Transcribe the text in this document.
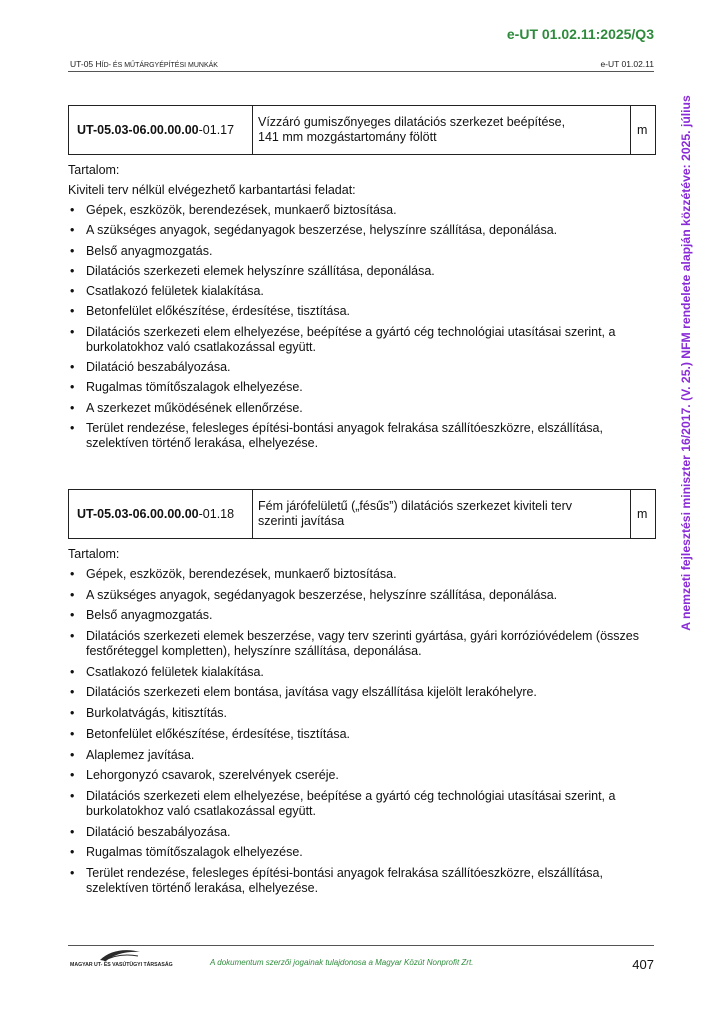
e-UT 01.02.11:2025/Q3
UT-05 HÍD- ÉS MŰTÁRGYÉPÍTÉSI MUNKÁK	e-UT 01.02.11
A nemzeti fejlesztési miniszter 16/2017. (V. 25.) NFM rendelete alapján közzétéve: 2025. július
UT-05.03-06.00.00.00 -01.17
Vízzáró gumiszőnyeges dilatációs szerkezet beépítése,
141 mm mozgástartomány fölött	m

Tartalom:

Kiviteli terv nélkül elvégezhető karbantartási feladat:

• Gépek, eszközök, berendezések, munkaerő biztosítása.
• A szükséges anyagok, segédanyagok beszerzése, helyszínre szállítása, deponálása.
• Belső anyagmozgatás.
• Dilatációs szerkezeti elemek helyszínre szállítása, deponálása.
• Csatlakozó felületek kialakítása.
• Betonfelület előkészítése, érdesítése, tisztítása.
• Dilatációs szerkezeti elem elhelyezése, beépítése a gyártó cég technológiai utasításai szerint, a burkolatokhoz való csatlakozással együtt.
• Dilatáció beszabályozása.
• Rugalmas tömítőszalagok elhelyezése.
• A szerkezet működésének ellenőrzése.
• Terület rendezése, felesleges építési-bontási anyagok felrakása szállítóeszközre, elszállítása, szelektíven történő lerakása, elhelyezése.
UT-05.03-06.00.00.00 -01.18
Fém járófelületű („fésűs”) dilatációs szerkezet kiviteli terv
szerinti javítása	m

Tartalom:

• Gépek, eszközök, berendezések, munkaerő biztosítása.
• A szükséges anyagok, segédanyagok beszerzése, helyszínre szállítása, deponálása.
• Belső anyagmozgatás.
• Dilatációs szerkezeti elemek beszerzése, vagy terv szerinti gyártása, gyári korrózióvédelem (összes festőréteggel kompletten), helyszínre szállítása, deponálása.
• Csatlakozó felületek kialakítása.
• Dilatációs szerkezeti elem bontása, javítása vagy elszállítása kijelölt lerakóhelyre.
• Burkolatvágás, kitisztítás.
• Betonfelület előkészítése, érdesítése, tisztítása.
• Alaplemez javítása.
• Lehorgonyzó csavarok, szerelvények cseréje.
• Dilatációs szerkezeti elem elhelyezése, beépítése a gyártó cég technológiai utasításai szerint, a burkolatokhoz való csatlakozással együtt.
• Dilatáció beszabályozása.
• Rugalmas tömítőszalagok elhelyezése.
• Terület rendezése, felesleges építési-bontási anyagok felrakása szállítóeszközre, elszállítása, szelektíven történő lerakása, elhelyezése.
MAGYAR UT- ÉS VASÚTÜGYI TÁRSASÁG	A dokumentum szerzői jogainak tulajdonosa a Magyar Közút Nonprofit Zrt.	407
